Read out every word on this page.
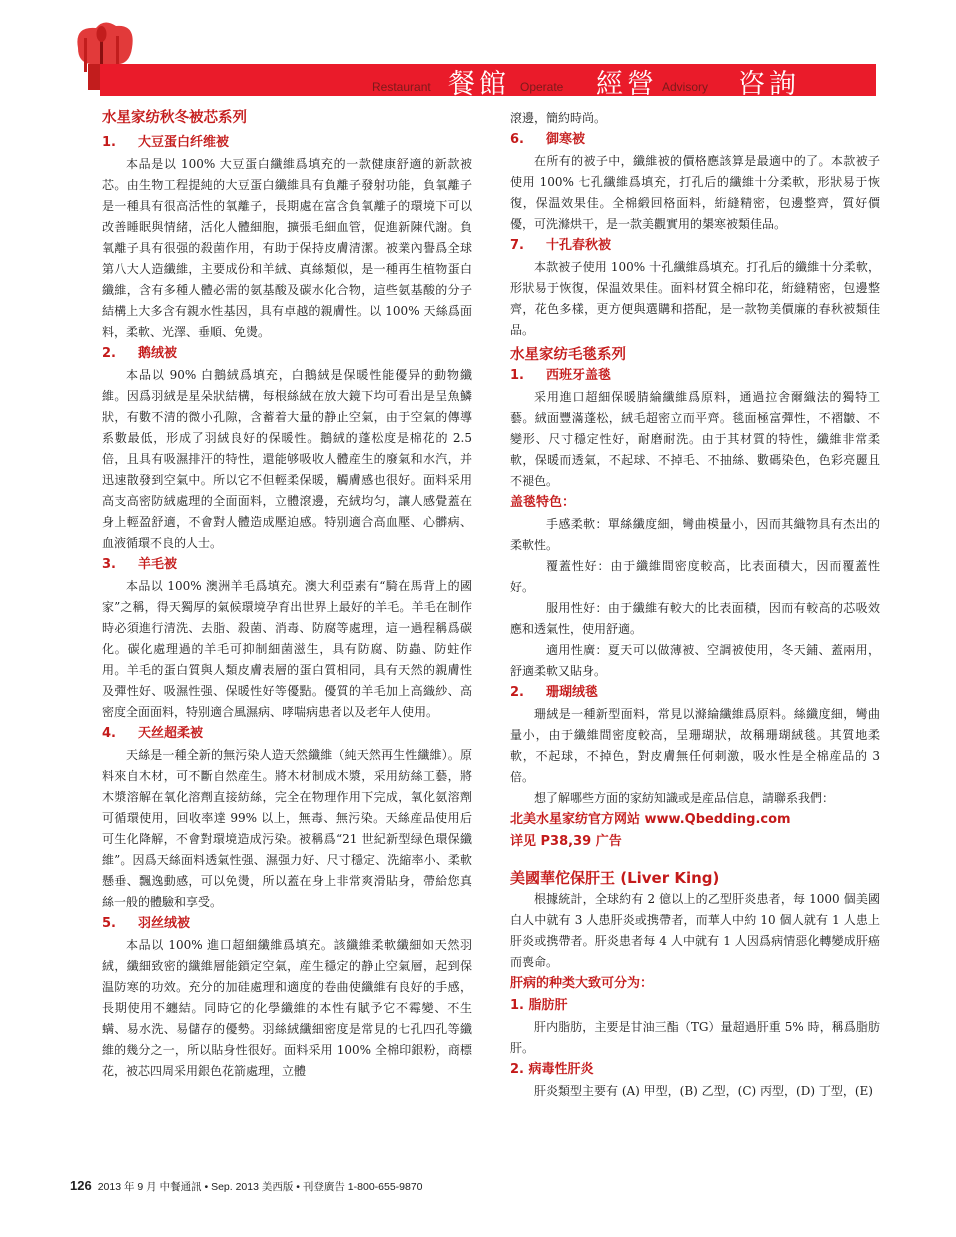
Restaurant 餐館 Operate 經營 Advisory 咨詢

水星家纺秋冬被芯系列

1. 大豆蛋白纤维被

本品是以 100% 大豆蛋白纖維爲填充的一款健康舒適的新款被芯。由生物工程提純的大豆蛋白纖維具有負離子發射功能，負氧離子是一種具有很高活性的氧離子，長期處在富含負氧離子的環境下可以改善睡眠與情緒，活化人體細胞，擴張毛細血管，促進新陳代謝。負氧離子具有很强的殺菌作用，有助于保持皮膚清潔。被業內譽爲全球第八大人造纖維，主要成份和羊絨、真絲類似，是一種再生植物蛋白纖維，含有多種人體必需的氨基酸及碳水化合物，這些氨基酸的分子結構上大多含有親水性基因，具有卓越的親膚性。以 100% 天絲爲面料，柔軟、光澤、垂順、免燙。

2. 鹅绒被

本品以 90% 白鵝絨爲填充，白鵝絨是保暖性能優异的動物纖維。因爲羽絨是星朵狀結構，每根絲絨在放大鏡下均可看出是呈魚鱗狀，有數不清的微小孔隙，含蓄着大量的静止空氣，由于空氣的傳導系數最低，形成了羽絨良好的保暖性。鵝絨的蓬松度是棉花的 2.5 倍，且具有吸濕排汗的特性，還能够吸收人體産生的廢氣和水汽，并迅速散發到空氣中。所以它不但輕柔保暖，觸膚感也很好。面料采用高支高密防絨處理的全面面料，立體滾邊，充絨均匀，讓人感覺蓋在身上輕盈舒適，不會對人體造成壓迫感。特别適合高血壓、心髒病、血液循環不良的人士。

3. 羊毛被

本品以 100% 澳洲羊毛爲填充。澳大利亞素有“騎在馬背上的國家”之稱，得天獨厚的氣候環境孕育出世界上最好的羊毛。羊毛在制作時必須進行清洗、去脂、殺菌、消毒、防腐等處理，這一過程稱爲碳化。碳化處理過的羊毛可抑制細菌滋生，具有防腐、防蟲、防蛀作用。羊毛的蛋白質與人類皮膚表層的蛋白質相同，具有天然的親膚性及彈性好、吸濕性强、保暖性好等優點。優質的羊毛加上高織紗、高密度全面面料，特别適合風濕病、哮喘病患者以及老年人使用。

4. 天丝超柔被

天絲是一種全新的無污染人造天然纖維（純天然再生性纖維）。原料來自木材，可不斷自然産生。將木材制成木漿，采用紡絲工藝，將木漿溶解在氧化溶劑直接紡絲，完全在物理作用下完成，氧化氨溶劑可循環使用，回收率達 99% 以上，無毒、無污染。天絲産品使用后可生化降解，不會對環境造成污染。被稱爲“21 世紀新型绿色環保纖維”。因爲天絲面料透氣性强、濕强力好、尺寸穩定、洗縮率小、柔軟懸垂、飄逸動感，可以免燙，所以蓋在身上非常爽滑貼身，帶給您真絲一般的體驗和享受。

5. 羽丝绒被

本品以 100% 進口超細纖維爲填充。該纖維柔軟纖細如天然羽絨，纖細致密的纖維層能鎖定空氣，産生穩定的静止空氣層，起到保温防寒的功效。充分的加硅處理和適度的卷曲使纖維有良好的手感，長期使用不纏結。同時它的化學纖維的本性有賦予它不霉變、不生螨、易水洗、易儲存的優勢。羽絲絨纖細密度是常見的七孔四孔等纖維的幾分之一，所以貼身性很好。面料采用 100% 全棉印銀粉，商標花，被芯四周采用銀色花箭處理，立體

滾邊，簡約時尚。

6. 御寒被

在所有的被子中，纖維被的價格應該算是最適中的了。本款被子使用 100% 七孔纖維爲填充，打孔后的纖維十分柔軟，形狀易于恢復，保温效果佳。全棉緞回格面料，絎縫精密，包邊整齊，質好價優，可洗滌烘干，是一款美觀實用的槼寒被類佳品。

7. 十孔春秋被

本款被子使用 100% 十孔纖維爲填充。打孔后的纖維十分柔軟，形狀易于恢復，保温效果佳。面料材質全棉印花，絎縫精密，包邊整齊，花色多樣，更方便與選購和搭配，是一款物美價廉的春秋被類佳品。

水星家纺毛毯系列

1. 西班牙盖毯

采用進口超細保暖腈綸纖維爲原料，通過拉舍爾織法的獨特工藝。絨面豐滿蓬松，絨毛超密立而平齊。毯面極富彈性，不褶皺、不變形、尺寸穩定性好，耐磨耐洗。由于其材質的特性，纖維非常柔軟，保暖而透氣，不起球、不掉毛、不抽絲、數碼染色，色彩亮麗且不褪色。

盖毯特色：

手感柔軟：單絲纖度細，彎曲模量小，因而其織物具有杰出的柔軟性。

覆蓋性好：由于纖維間密度較高，比表面積大，因而覆蓋性好。

服用性好：由于纖維有較大的比表面積，因而有較高的芯吸效應和透氣性，使用舒適。

適用性廣：夏天可以做薄被、空調被使用，冬天鋪、蓋兩用，舒適柔軟又貼身。

2. 珊瑚绒毯

珊絨是一種新型面料，常見以滌綸纖維爲原料。絲纖度細，彎曲量小，由于纖維間密度較高，呈珊瑚狀，故稱珊瑚絨毯。其質地柔軟，不起球，不掉色，對皮膚無任何刺激，吸水性是全棉産品的 3 倍。

想了解哪些方面的家紡知識或是産品信息，請聯系我們：

北美水星家纺官方网站 www.Qbedding.com

详见 P38,39 广告

美國華佗保肝王 (Liver King)

根據統計，全球約有 2 億以上的乙型肝炎患者，每 1000 個美國白人中就有 3 人患肝炎或携帶者，而華人中約 10 個人就有 1 人患上肝炎或携帶者。肝炎患者每 4 人中就有 1 人因爲病情惡化轉變成肝癌而喪命。

肝病的种类大致可分为：

1. 脂肪肝

肝内脂肪，主要是甘油三酯（TG）量超過肝重 5% 時，稱爲脂肪肝。

2. 病毒性肝炎

肝炎類型主要有 (A) 甲型，(B) 乙型，(C) 丙型，(D) 丁型，(E)

126 2013 年 9 月 中餐通訊 • Sep. 2013 美西版 • 刊登廣告 1-800-655-9870
